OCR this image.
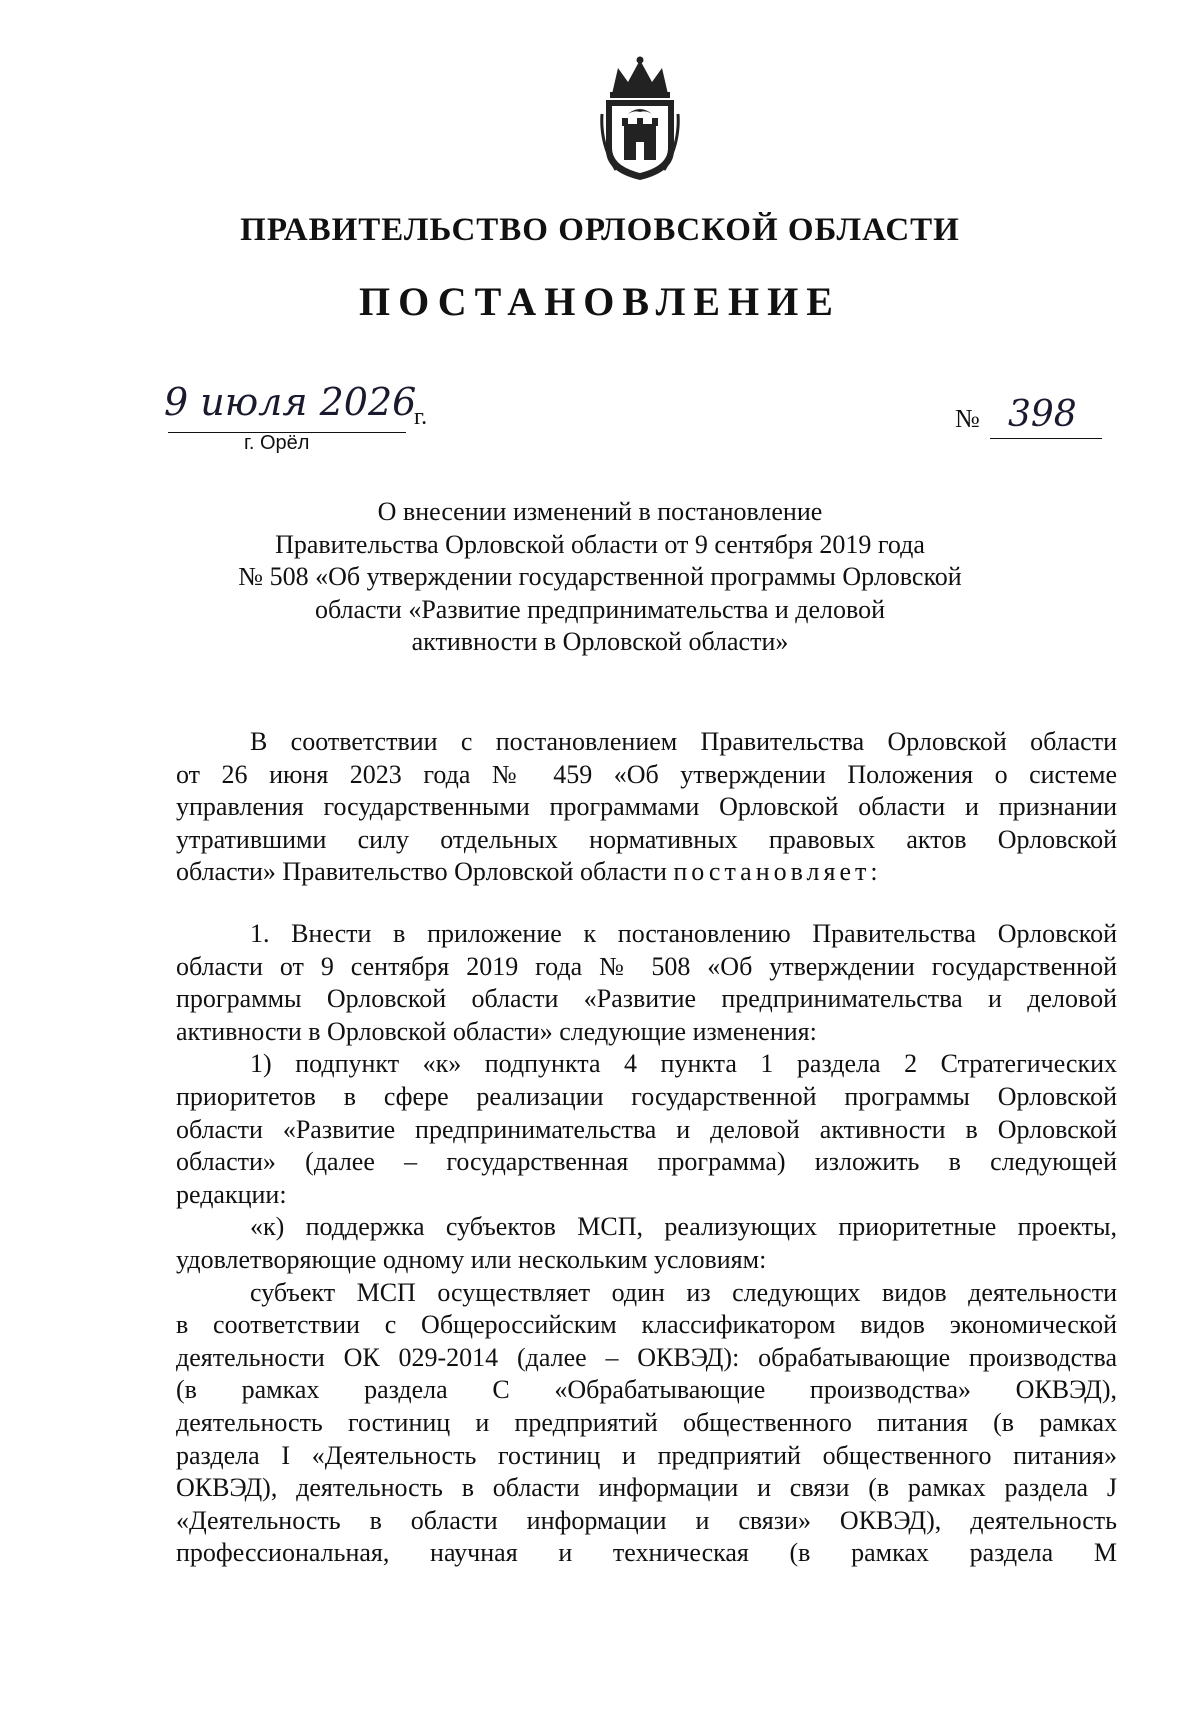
ПРАВИТЕЛЬСТВО ОРЛОВСКОЙ ОБЛАСТИ
ПОСТАНОВЛЕНИЕ
9 июля 2026
г.
г. Орёл
№ 398
О внесении изменений в постановление
Правительства Орловской области от 9 сентября 2019 года
№ 508 «Об утверждении государственной программы Орловской
области «Развитие предпринимательства и деловой
активности в Орловской области»
В соответствии с постановлением Правительства Орловской области
от 26 июня 2023 года № 459 «Об утверждении Положения о системе
управления государственными программами Орловской области и признании
утратившими силу отдельных нормативных правовых актов Орловской
области» Правительство Орловской области постановляет:
1. Внести в приложение к постановлению Правительства Орловской
области от 9 сентября 2019 года № 508 «Об утверждении государственной
программы Орловской области «Развитие предпринимательства и деловой
активности в Орловской области» следующие изменения:
1) подпункт «к» подпункта 4 пункта 1 раздела 2 Стратегических
приоритетов в сфере реализации государственной программы Орловской
области «Развитие предпринимательства и деловой активности в Орловской
области» (далее – государственная программа) изложить в следующей
редакции:
«к) поддержка субъектов МСП, реализующих приоритетные проекты,
удовлетворяющие одному или нескольким условиям:
субъект МСП осуществляет один из следующих видов деятельности
в соответствии с Общероссийским классификатором видов экономической
деятельности ОК 029-2014 (далее – ОКВЭД): обрабатывающие производства
(в рамках раздела С «Обрабатывающие производства» ОКВЭД),
деятельность гостиниц и предприятий общественного питания (в рамках
раздела I «Деятельность гостиниц и предприятий общественного питания»
ОКВЭД), деятельность в области информации и связи (в рамках раздела J
«Деятельность в области информации и связи» ОКВЭД), деятельность
профессиональная, научная и техническая (в рамках раздела М
